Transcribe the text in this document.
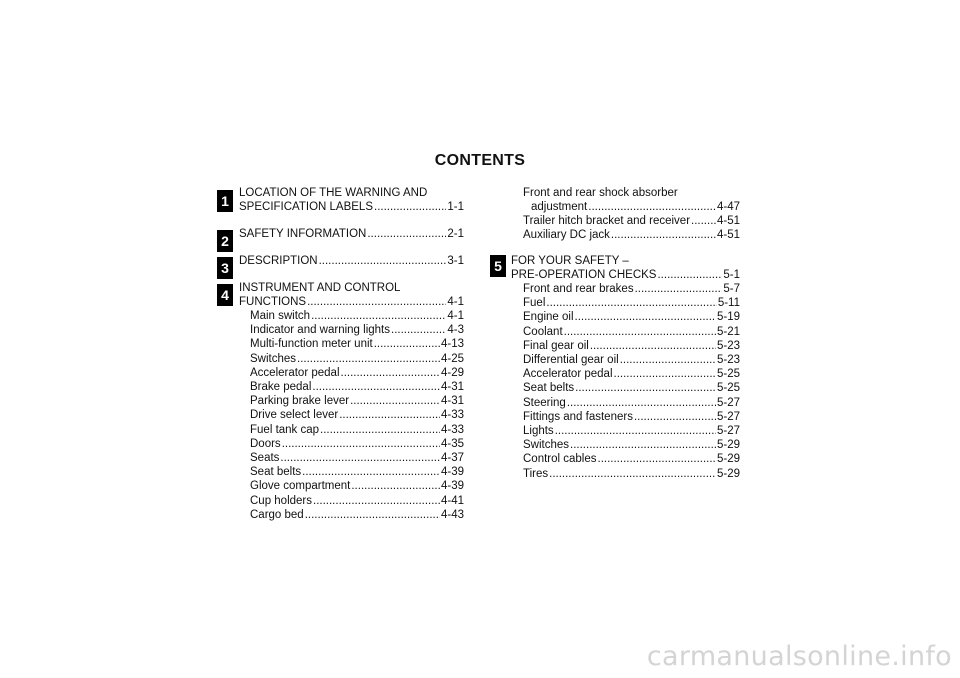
CONTENTS
1
2
3
4
5
LOCATION OF THE WARNING AND
SPECIFICATION LABELS .....	1-1
SAFETY INFORMATION .....	2-1
DESCRIPTION .....	3-1
INSTRUMENT AND CONTROL
FUNCTIONS .....	4-1
Main switch .....	4-1
Indicator and warning lights .....	4-3
Multi-function meter unit .....	4-13
Switches .....	4-25
Accelerator pedal .....	4-29
Brake pedal .....	4-31
Parking brake lever .....	4-31
Drive select lever .....	4-33
Fuel tank cap .....	4-33
Doors .....	4-35
Seats .....	4-37
Seat belts .....	4-39
Glove compartment .....	4-39
Cup holders .....	4-41
Cargo bed .....	4-43
Front and rear shock absorber
adjustment .....	4-47
Trailer hitch bracket and receiver ..... 4-51
Auxiliary DC jack .....	4-51
FOR YOUR SAFETY –
PRE-OPERATION CHECKS .....	5-1
Front and rear brakes .....	5-7
Fuel .....	5-11
Engine oil .....	5-19
Coolant .....	5-21
Final gear oil .....	5-23
Differential gear oil .....	5-23
Accelerator pedal .....	5-25
Seat belts .....	5-25
Steering .....	5-27
Fittings and fasteners .....	5-27
Lights .....	5-27
Switches .....	5-29
Control cables .....	5-29
Tires .....	5-29
carmanualsonline.info
